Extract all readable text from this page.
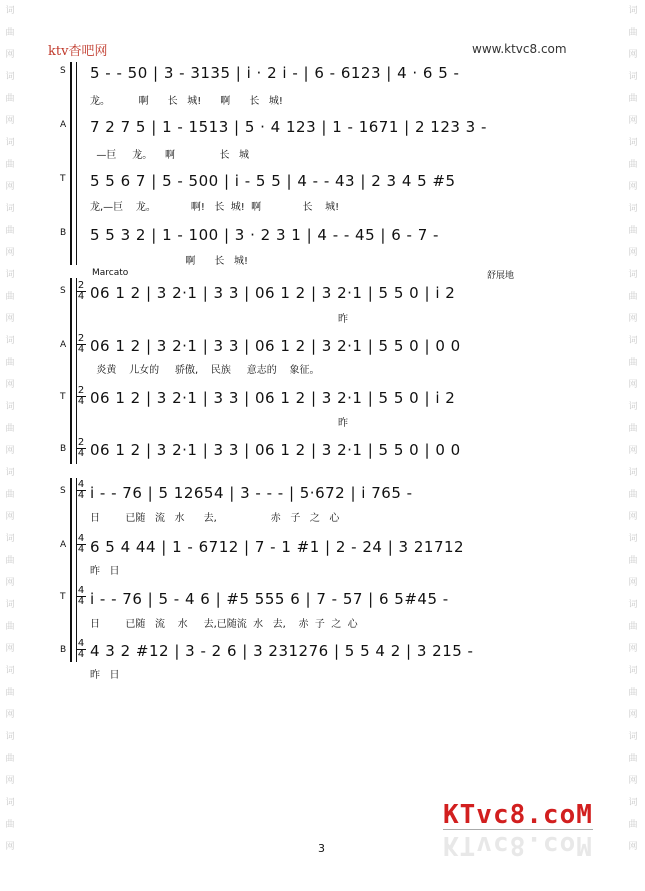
词曲网词曲网词曲网词曲网词曲网词曲网词曲网词曲网词曲网词曲网词曲网词曲网词曲网
词曲网词曲网词曲网词曲网词曲网词曲网词曲网词曲网词曲网词曲网词曲网词曲网词曲网
ktv杳吧网	www.ktvc8.com
S 5 - - 50 | 3 - 3135 | i · 2 i - | 6 - 6123 | 4 · 6 5 -
龙。         啊      长   城!      啊      长   城!
A 7 2 7 5 | 1 - 1513 | 5 · 4 123 | 1 - 1671 | 2 123 3 -
—巨     龙。    啊              长   城
T 5 5 6 7 | 5 - 500 | i - 5 5 | 4 - - 43 | 2 3 4 5 #5
龙,—巨    龙。           啊!   长  城!  啊             长    城!
B 5 5 3 2 | 1 - 100 | 3 · 2 3 1 | 4 - - 45 | 6 - 7 -
啊      长   城!
Marcato	舒展地
S $\frac{2}{4} 06$ 1 2 | 3 2·1 | 3 3 | 06 1 2 | 3 2·1 | 5 5 0 | i 2
昨
A $\frac{2}{4} 06$ 1 2 | 3 2·1 | 3 3 | 06 1 2 | 3 2·1 | 5 5 0 | 0 0
炎黄    儿女的     骄傲,    民族     意志的    象征。
T $\frac{2}{4} 06$ 1 2 | 3 2·1 | 3 3 | 06 1 2 | 3 2·1 | 5 5 0 | i 2
昨
B $\frac{2}{4} 06$ 1 2 | 3 2·1 | 3 3 | 06 1 2 | 3 2·1 | 5 5 0 | 0 0
S $\frac{4}{4}$ i - - 76 | 5 12654 | 3 - - - | 5·672 | i 765 -
日        已随   流   水      去,                 赤   子   之   心
A $\frac{4}{4} 6$ 5 4 44 | 1 - 6712 | 7 - 1 #1 | 2 - 24 | 3 21712
昨   日
T $\frac{4}{4}$ i - - 76 | 5 - 4 6 | #5 555 6 | 7 - 57 | 6 5#45 -
日        已随   流    水     去,已随流  水   去,    赤  子  之  心
B $\frac{4}{4} 4$ 3 2 #12 | 3 - 2 6 | 3 231276 | 5 5 4 2 | 3 215 -
昨   日
KTvc8.coM
KTvc8.coM
3
